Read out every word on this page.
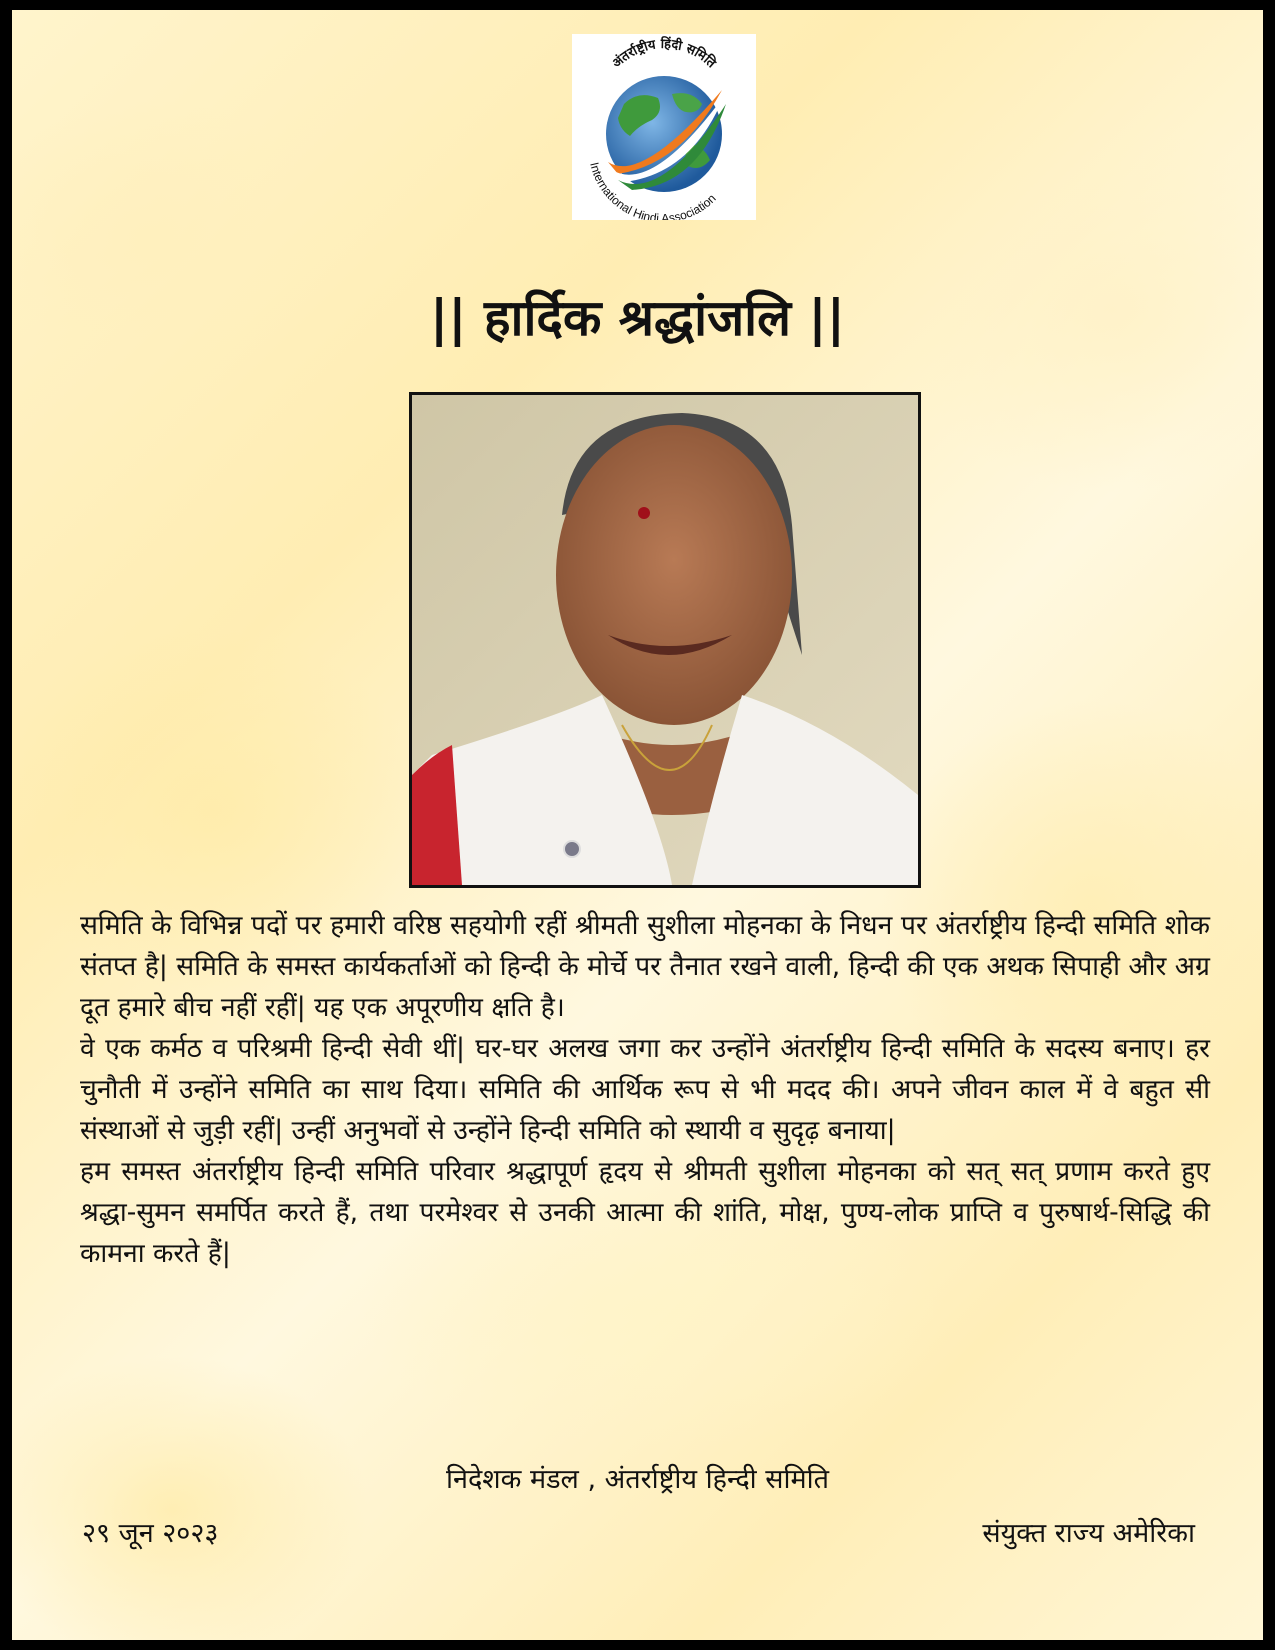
अंतर्राष्ट्रीय हिंदी समिति
International Hindi Association
|| हार्दिक श्रद्धांजलि ||

समिति के विभिन्न पदों पर हमारी वरिष्ठ सहयोगी रहीं श्रीमती सुशीला मोहनका के निधन पर अंतर्राष्ट्रीय हिन्दी समिति शोक संतप्त है| समिति के समस्त कार्यकर्ताओं को हिन्दी के मोर्चे पर तैनात रखने वाली, हिन्दी की एक अथक सिपाही और अग्र दूत हमारे बीच नहीं रहीं| यह एक अपूरणीय क्षति है।

वे एक कर्मठ व परिश्रमी हिन्दी सेवी थीं| घर-घर अलख जगा कर उन्होंने अंतर्राष्ट्रीय हिन्दी समिति के सदस्य बनाए। हर चुनौती में उन्होंने समिति का साथ दिया। समिति की आर्थिक रूप से भी मदद की। अपने जीवन काल में वे बहुत सी संस्थाओं से जुड़ी रहीं| उन्हीं अनुभवों से उन्होंने हिन्दी समिति को स्थायी व सुदृढ़ बनाया|

हम समस्त अंतर्राष्ट्रीय हिन्दी समिति परिवार श्रद्धापूर्ण हृदय से श्रीमती सुशीला मोहनका को सत् सत् प्रणाम करते हुए श्रद्धा-सुमन समर्पित करते हैं, तथा परमेश्वर से उनकी आत्मा की शांति, मोक्ष, पुण्य-लोक प्राप्ति व पुरुषार्थ-सिद्धि की कामना करते हैं|

निदेशक मंडल , अंतर्राष्ट्रीय हिन्दी समिति
२९ जून २०२३	संयुक्त राज्य अमेरिका
